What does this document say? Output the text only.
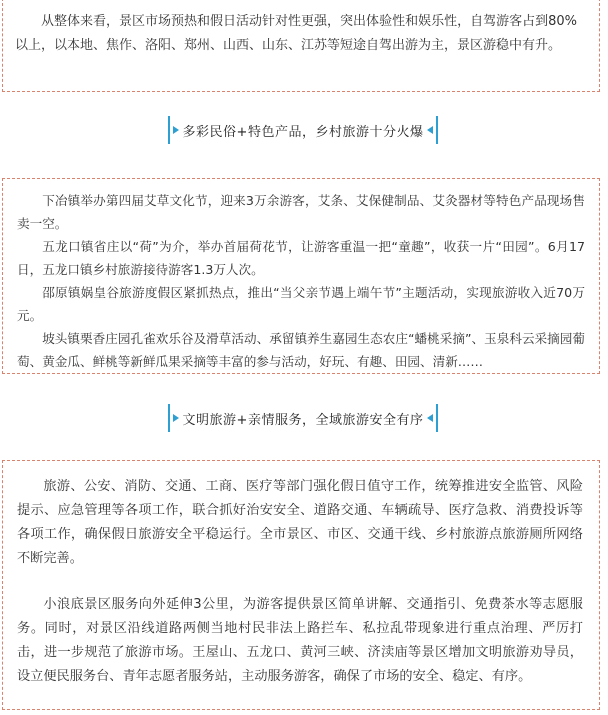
从整体来看，景区市场预热和假日活动针对性更强，突出体验性和娱乐性，自驾游客占到80%以上，以本地、焦作、洛阳、郑州、山西、山东、江苏等短途自驾出游为主，景区游稳中有升。

多彩民俗+特色产品，乡村旅游十分火爆

下冶镇举办第四届艾草文化节，迎来3万余游客，艾条、艾保健制品、艾灸器材等特色产品现场售卖一空。

五龙口镇省庄以“荷”为介，举办首届荷花节，让游客重温一把“童趣”，收获一片“田园”。6月17日，五龙口镇乡村旅游接待游客1.3万人次。

邵原镇娲皇谷旅游度假区紧抓热点，推出“当父亲节遇上端午节”主题活动，实现旅游收入近70万元。

坡头镇栗香庄园孔雀欢乐谷及滑草活动、承留镇养生嘉园生态农庄“蟠桃采摘”、玉泉科云采摘园葡萄、黄金瓜、鲜桃等新鲜瓜果采摘等丰富的参与活动，好玩、有趣、田园、清新……

文明旅游+亲情服务，全域旅游安全有序

旅游、公安、消防、交通、工商、医疗等部门强化假日值守工作，统筹推进安全监管、风险提示、应急管理等各项工作，联合抓好治安安全、道路交通、车辆疏导、医疗急救、消费投诉等各项工作，确保假日旅游安全平稳运行。全市景区、市区、交通干线、乡村旅游点旅游厕所网络不断完善。

小浪底景区服务向外延伸3公里，为游客提供景区简单讲解、交通指引、免费茶水等志愿服务。同时，对景区沿线道路两侧当地村民非法上路拦车、私拉乱带现象进行重点治理、严厉打击，进一步规范了旅游市场。王屋山、五龙口、黄河三峡、济渎庙等景区增加文明旅游劝导员，设立便民服务台、青年志愿者服务站，主动服务游客，确保了市场的安全、稳定、有序。
